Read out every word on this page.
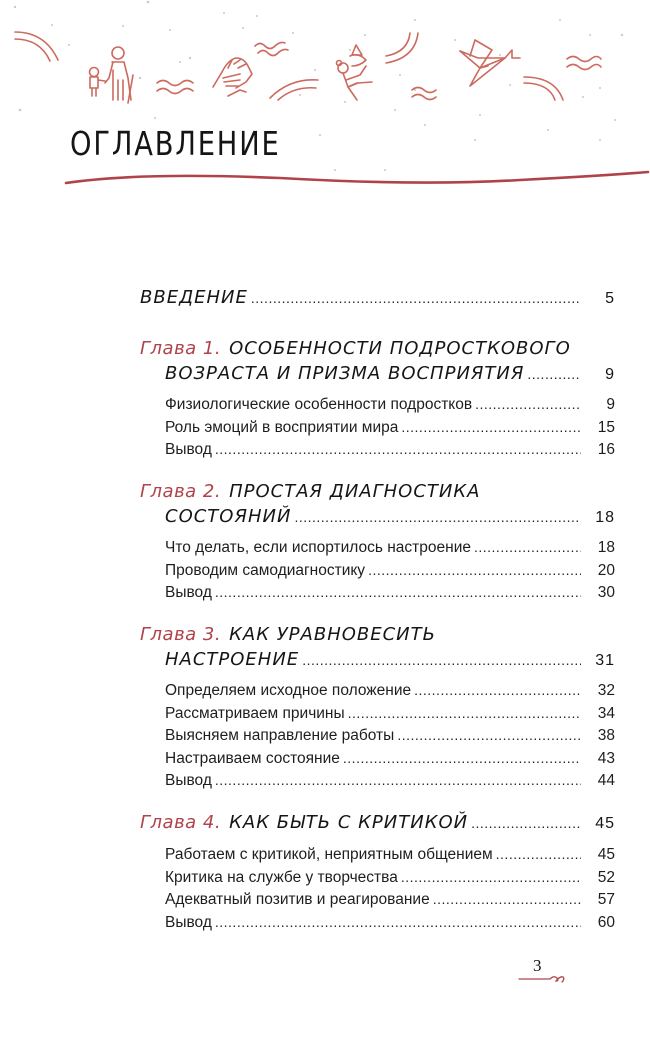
ОГЛАВЛЕНИЕ
ВВЕДЕНИЕ .....	5
Глава 1. ОСОБЕННОСТИ ПОДРОСТКОВОГО
ВОЗРАСТА И ПРИЗМА ВОСПРИЯТИЯ .....	9
Физиологические особенности подростков .....	9
Роль эмоций в восприятии мира .....	15
Вывод .....	16
Глава 2. ПРОСТАЯ ДИАГНОСТИКА
СОСТОЯНИЙ .....	18
Что делать, если испортилось настроение .....	18
Проводим самодиагностику .....	20
Вывод .....	30
Глава 3. КАК УРАВНОВЕСИТЬ
НАСТРОЕНИЕ .....	31
Определяем исходное положение .....	32
Рассматриваем причины .....	34
Выясняем направление работы .....	38
Настраиваем состояние .....	43
Вывод .....	44
Глава 4. КАК БЫТЬ С КРИТИКОЙ .....	45
Работаем с критикой, неприятным общением .....	45
Критика на службе у творчества .....	52
Адекватный позитив и реагирование .....	57
Вывод .....	60
3
